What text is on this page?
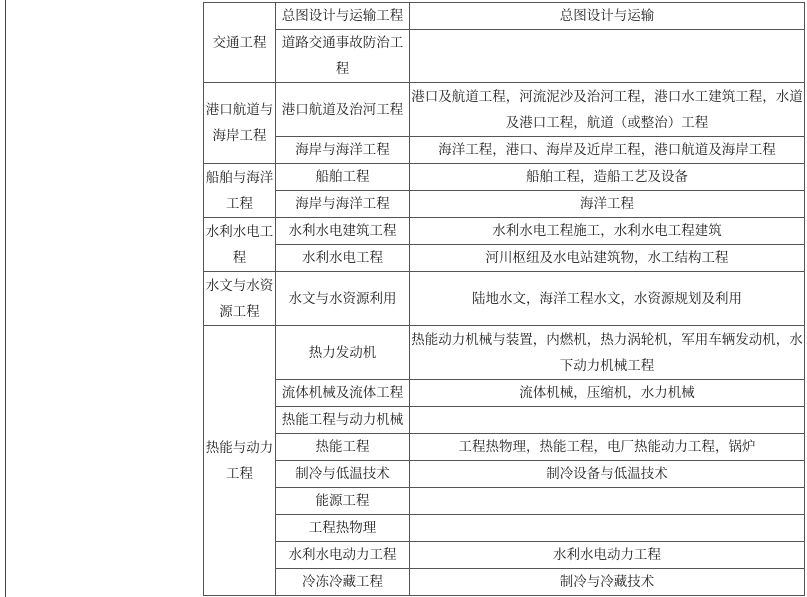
交通工程	总图设计与运输工程	总图设计与运输
	道路交通事故防治工程	
港口航道与海岸工程	港口航道及治河工程	港口及航道工程，河流泥沙及治河工程，港口水工建筑工程，水道及港口工程，航道（或整治）工程
	海岸与海洋工程	海洋工程，港口、海岸及近岸工程，港口航道及海岸工程
船舶与海洋工程	船舶工程	船舶工程，造船工艺及设备
	海岸与海洋工程	海洋工程
水利水电工程	水利水电建筑工程	水利水电工程施工，水利水电工程建筑
	水利水电工程	河川枢纽及水电站建筑物，水工结构工程
水文与水资源工程	水文与水资源利用	陆地水文，海洋工程水文，水资源规划及利用
热能与动力工程	热力发动机	热能动力机械与装置，内燃机，热力涡轮机，军用车辆发动机，水下动力机械工程
	流体机械及流体工程	流体机械，压缩机，水力机械
	热能工程与动力机械	
	热能工程	工程热物理，热能工程，电厂热能动力工程，锅炉
	制冷与低温技术	制冷设备与低温技术
	能源工程	
	工程热物理	
	水利水电动力工程	水利水电动力工程
	冷冻冷藏工程	制冷与冷藏技术
